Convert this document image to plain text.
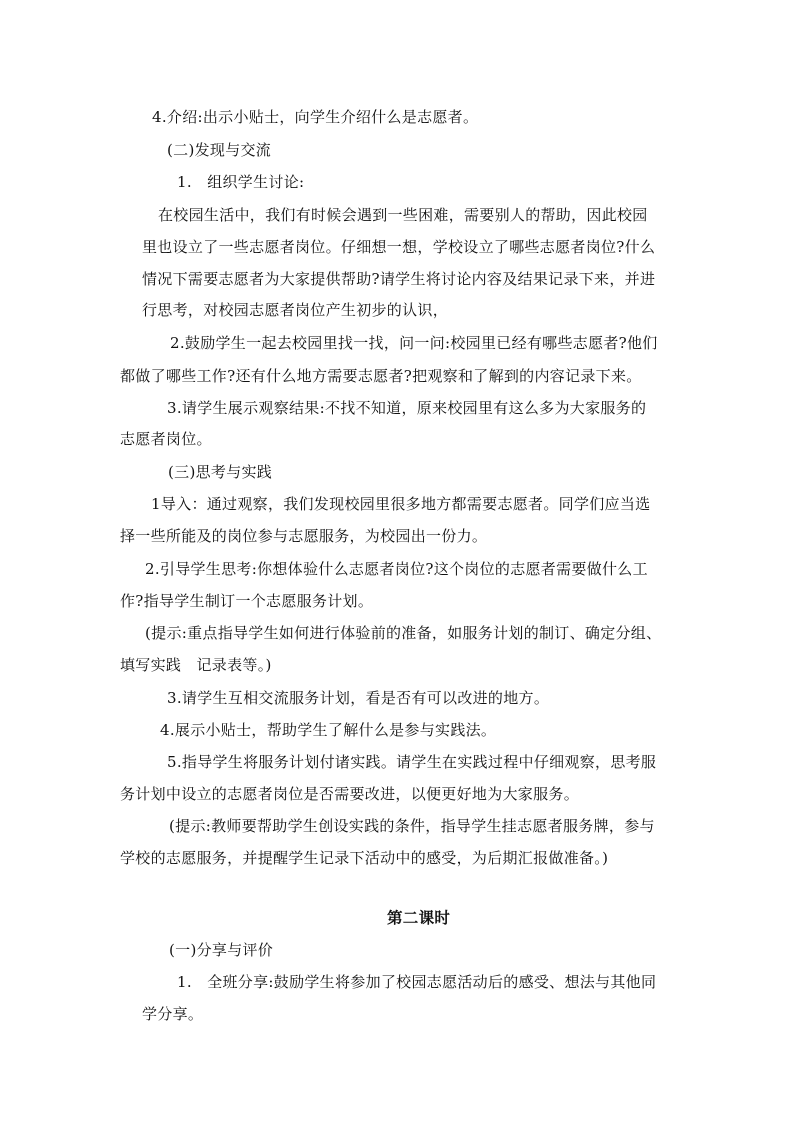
4.介绍:出示小贴士，向学生介绍什么是志愿者。
(二)发现与交流
1.　组织学生讨论:
在校园生活中，我们有时候会遇到一些困难，需要别人的帮助，因此校园
里也设立了一些志愿者岗位。仔细想一想，学校设立了哪些志愿者岗位?什么
情况下需要志愿者为大家提供帮助?请学生将讨论内容及结果记录下来，并进
行思考，对校园志愿者岗位产生初步的认识，
2.鼓励学生一起去校园里找一找，问一问:校园里已经有哪些志愿者?他们
都做了哪些工作?还有什么地方需要志愿者?把观察和了解到的内容记录下来。
3.请学生展示观察结果:不找不知道，原来校园里有这么多为大家服务的
志愿者岗位。
(三)思考与实践
1导入：通过观察，我们发现校园里很多地方都需要志愿者。同学们应当选
择一些所能及的岗位参与志愿服务，为校园出一份力。
2.引导学生思考:你想体验什么志愿者岗位?这个岗位的志愿者需要做什么工
作?指导学生制订一个志愿服务计划。
(提示:重点指导学生如何进行体验前的准备，如服务计划的制订、确定分组、
填写实践　记录表等。)
3.请学生互相交流服务计划，看是否有可以改进的地方。
4.展示小贴士，帮助学生了解什么是参与实践法。
5.指导学生将服务计划付诸实践。请学生在实践过程中仔细观察，思考服
务计划中设立的志愿者岗位是否需要改进，以便更好地为大家服务。
(提示:教师要帮助学生创设实践的条件，指导学生挂志愿者服务牌，参与
学校的志愿服务，并提醒学生记录下活动中的感受，为后期汇报做准备。)
第二课时
(一)分享与评价
1.　全班分享:鼓励学生将参加了校园志愿活动后的感受、想法与其他同
学分享。
